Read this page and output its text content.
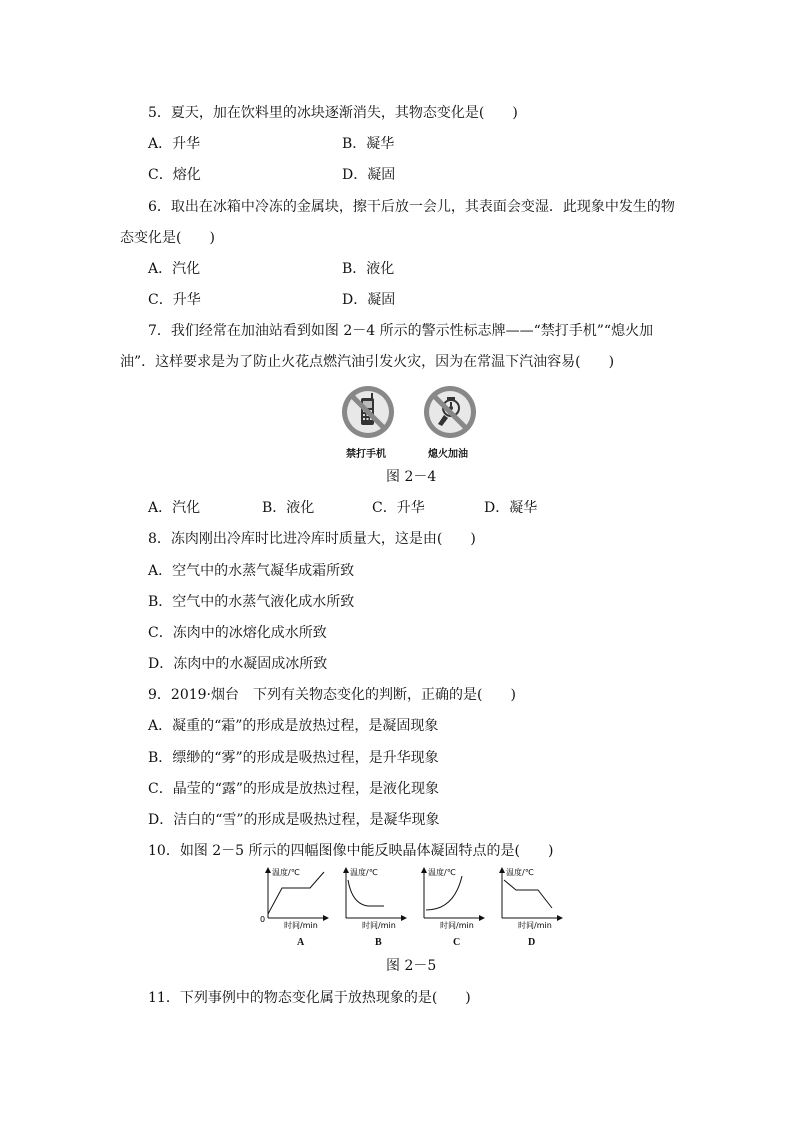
5．夏天，加在饮料里的冰块逐渐消失，其物态变化是(　　)
A．升华	B．凝华
C．熔化	D．凝固
6．取出在冰箱中冷冻的金属块，擦干后放一会儿，其表面会变湿．此现象中发生的物
态变化是(　　)
A．汽化	B．液化
C．升华	D．凝固
7．我们经常在加油站看到如图 2－4 所示的警示性标志牌——“禁打手机”“熄火加
油”．这样要求是为了防止火花点燃汽油引发火灾，因为在常温下汽油容易(　　)
禁打手机	熄火加油
图 2－4
A．汽化	B．液化	C．升华	D．凝华
8．冻肉刚出冷库时比进冷库时质量大，这是由(　　)
A．空气中的水蒸气凝华成霜所致
B．空气中的水蒸气液化成水所致
C．冻肉中的冰熔化成水所致
D．冻肉中的水凝固成冰所致
9．2019·烟台　下列有关物态变化的判断，正确的是(　　)
A．凝重的“霜”的形成是放热过程，是凝固现象
B．缥缈的“雾”的形成是吸热过程，是升华现象
C．晶莹的“露”的形成是放热过程，是液化现象
D．洁白的“雪”的形成是吸热过程，是凝华现象
10．如图 2－5 所示的四幅图像中能反映晶体凝固特点的是(　　)
温度/℃
0
时间/min
温度/℃
时间/min
温度/℃
时间/min
温度/℃
时间/min
A	B	C	D
图 2－5
11．下列事例中的物态变化属于放热现象的是(　　)
